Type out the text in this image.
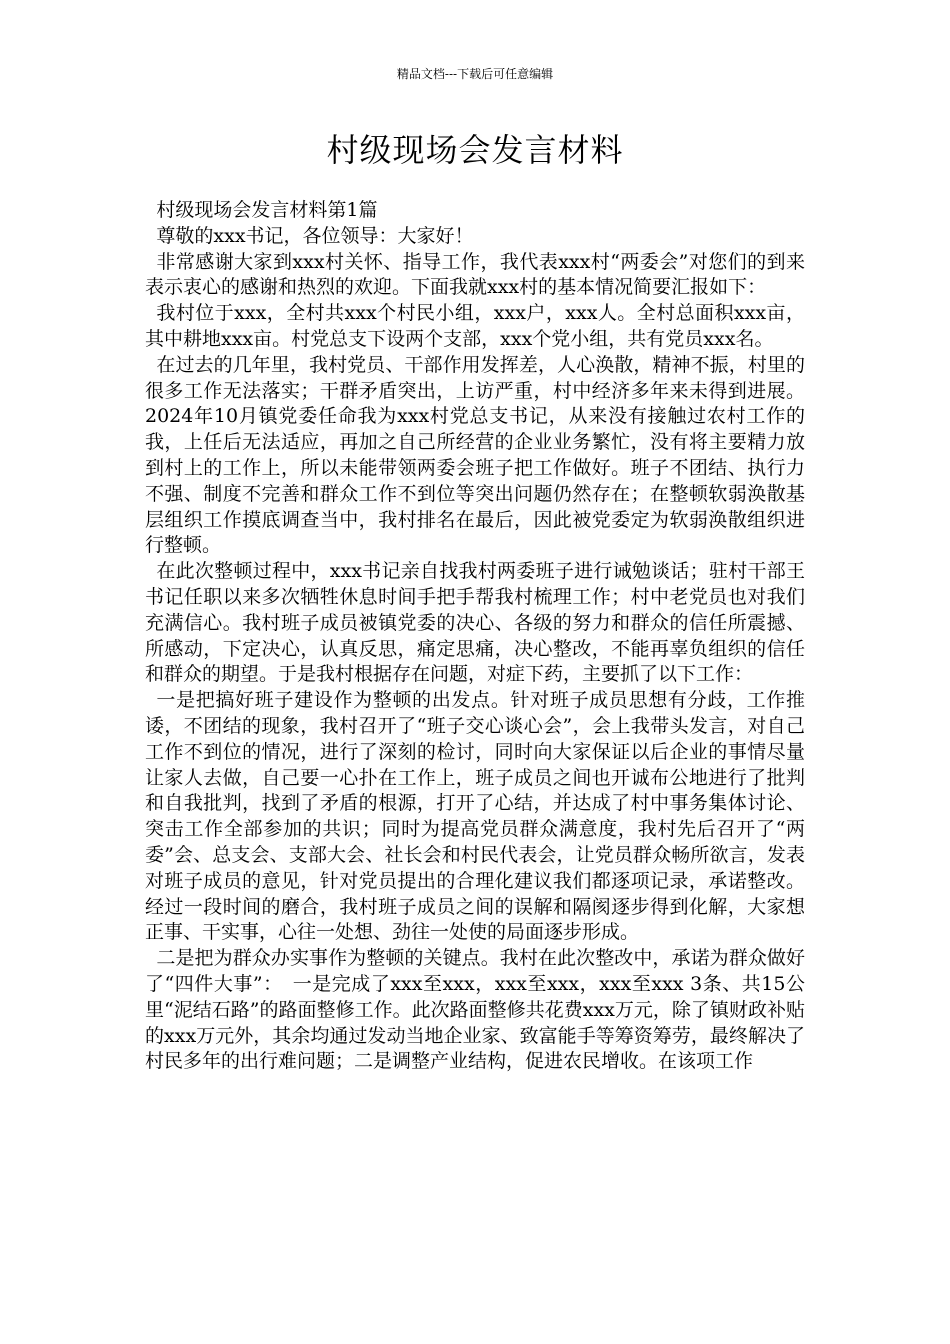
精品文档---下载后可任意编辑
村级现场会发言材料

村级现场会发言材料第1篇

尊敬的xxx书记，各位领导：大家好！

非常感谢大家到xxx村关怀、指导工作，我代表xxx村“两委会”对您们的到来表示衷心的感谢和热烈的欢迎。下面我就xxx村的基本情况简要汇报如下：

我村位于xxx，全村共xxx个村民小组，xxx户，xxx人。全村总面积xxx亩，其中耕地xxx亩。村党总支下设两个支部，xxx个党小组，共有党员xxx名。

在过去的几年里，我村党员、干部作用发挥差，人心涣散，精神不振，村里的很多工作无法落实；干群矛盾突出，上访严重，村中经济多年来未得到进展。2024年10月镇党委任命我为xxx村党总支书记，从来没有接触过农村工作的我，上任后无法适应，再加之自己所经营的企业业务繁忙，没有将主要精力放到村上的工作上，所以未能带领两委会班子把工作做好。班子不团结、执行力不强、制度不完善和群众工作不到位等突出问题仍然存在；在整顿软弱涣散基层组织工作摸底调查当中，我村排名在最后，因此被党委定为软弱涣散组织进行整顿。

在此次整顿过程中，xxx书记亲自找我村两委班子进行诫勉谈话；驻村干部王书记任职以来多次牺牲休息时间手把手帮我村梳理工作；村中老党员也对我们充满信心。我村班子成员被镇党委的决心、各级的努力和群众的信任所震撼、所感动，下定决心，认真反思，痛定思痛，决心整改，不能再辜负组织的信任和群众的期望。于是我村根据存在问题，对症下药，主要抓了以下工作：

一是把搞好班子建设作为整顿的出发点。针对班子成员思想有分歧，工作推诿，不团结的现象，我村召开了“班子交心谈心会”，会上我带头发言，对自己工作不到位的情况，进行了深刻的检讨，同时向大家保证以后企业的事情尽量让家人去做，自己要一心扑在工作上，班子成员之间也开诚布公地进行了批判和自我批判，找到了矛盾的根源，打开了心结，并达成了村中事务集体讨论、突击工作全部参加的共识；同时为提高党员群众满意度，我村先后召开了“两委”会、总支会、支部大会、社长会和村民代表会，让党员群众畅所欲言，发表对班子成员的意见，针对党员提出的合理化建议我们都逐项记录，承诺整改。经过一段时间的磨合，我村班子成员之间的误解和隔阂逐步得到化解，大家想正事、干实事，心往一处想、劲往一处使的局面逐步形成。

二是把为群众办实事作为整顿的关键点。我村在此次整改中，承诺为群众做好了“四件大事”：　一是完成了xxx至xxx，xxx至xxx，xxx至xxx 3条、共15公里“泥结石路”的路面整修工作。此次路面整修共花费xxx万元，除了镇财政补贴的xxx万元外，其余均通过发动当地企业家、致富能手等筹资筹劳，最终解决了村民多年的出行难问题；二是调整产业结构，促进农民增收。在该项工作
